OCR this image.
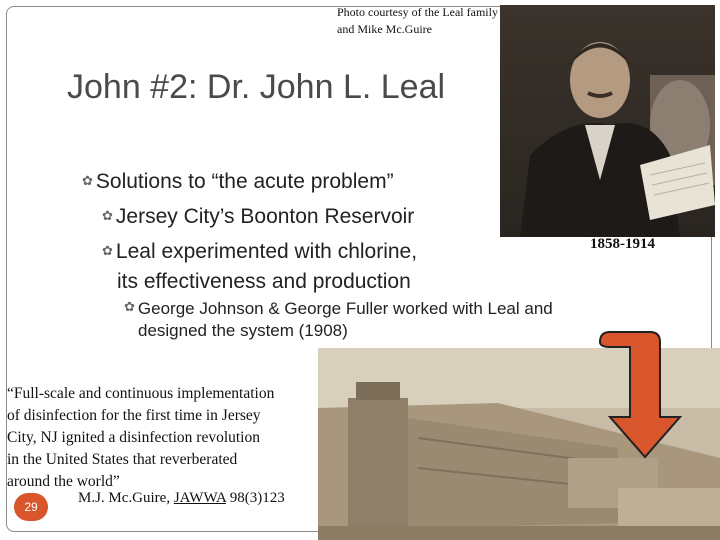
Photo courtesy of the Leal family and Mike Mc.Guire
John #2: Dr. John L. Leal
1858-1914
✿ Solutions to “the acute problem”
✿ Jersey City’s Boonton Reservoir
✿ Leal experimented with chlorine,
its effectiveness and production
✿ George Johnson & George Fuller worked with Leal and
designed the system (1908)
“Full-scale and continuous implementation
of disinfection for the first time in Jersey
City, NJ ignited a disinfection revolution
in the United States that reverberated
around the world”
M.J. Mc.Guire, JAWWA 98(3)123
29
